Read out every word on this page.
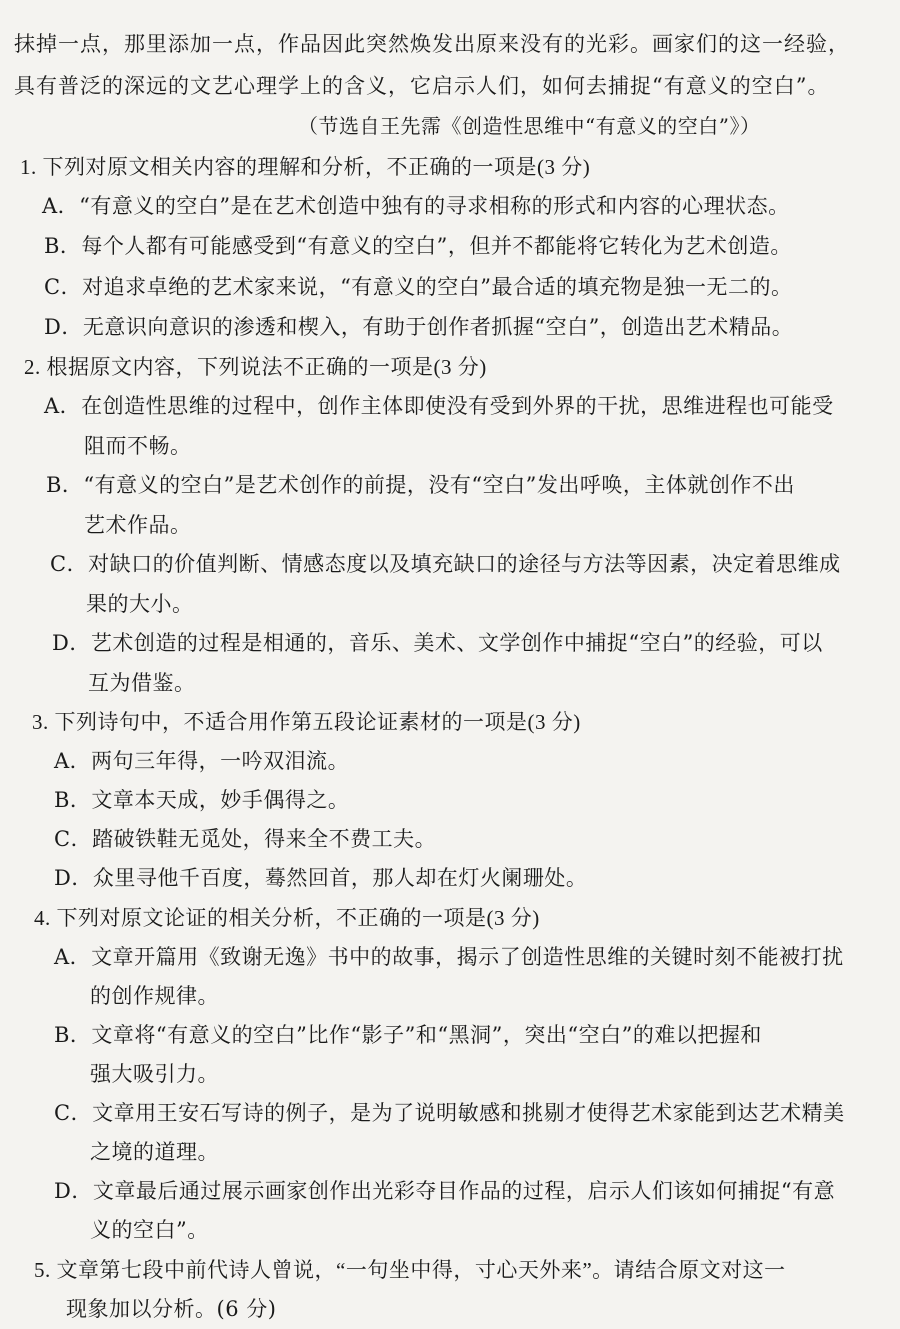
抹掉一点，那里添加一点，作品因此突然焕发出原来没有的光彩。画家们的这一经验，
具有普泛的深远的文艺心理学上的含义，它启示人们，如何去捕捉“有意义的空白”。
（节选自王先霈《创造性思维中“有意义的空白”》）
1. 下列对原文相关内容的理解和分析，不正确的一项是(3 分)
A．“有意义的空白”是在艺术创造中独有的寻求相称的形式和内容的心理状态。
B．每个人都有可能感受到“有意义的空白”，但并不都能将它转化为艺术创造。
C．对追求卓绝的艺术家来说，“有意义的空白”最合适的填充物是独一无二的。
D．无意识向意识的渗透和楔入，有助于创作者抓握“空白”，创造出艺术精品。
2. 根据原文内容，下列说法不正确的一项是(3 分)
A．在创造性思维的过程中，创作主体即使没有受到外界的干扰，思维进程也可能受
阻而不畅。
B．“有意义的空白”是艺术创作的前提，没有“空白”发出呼唤，主体就创作不出
艺术作品。
C．对缺口的价值判断、情感态度以及填充缺口的途径与方法等因素，决定着思维成
果的大小。
D．艺术创造的过程是相通的，音乐、美术、文学创作中捕捉“空白”的经验，可以
互为借鉴。
3. 下列诗句中，不适合用作第五段论证素材的一项是(3 分)
A．两句三年得，一吟双泪流。
B．文章本天成，妙手偶得之。
C．踏破铁鞋无觅处，得来全不费工夫。
D．众里寻他千百度，蓦然回首，那人却在灯火阑珊处。
4. 下列对原文论证的相关分析，不正确的一项是(3 分)
A．文章开篇用《致谢无逸》书中的故事，揭示了创造性思维的关键时刻不能被打扰
的创作规律。
B．文章将“有意义的空白”比作“影子”和“黑洞”，突出“空白”的难以把握和
强大吸引力。
C．文章用王安石写诗的例子，是为了说明敏感和挑剔才使得艺术家能到达艺术精美
之境的道理。
D．文章最后通过展示画家创作出光彩夺目作品的过程，启示人们该如何捕捉“有意
义的空白”。
5. 文章第七段中前代诗人曾说，“一句坐中得，寸心天外来”。请结合原文对这一
现象加以分析。(6 分)
